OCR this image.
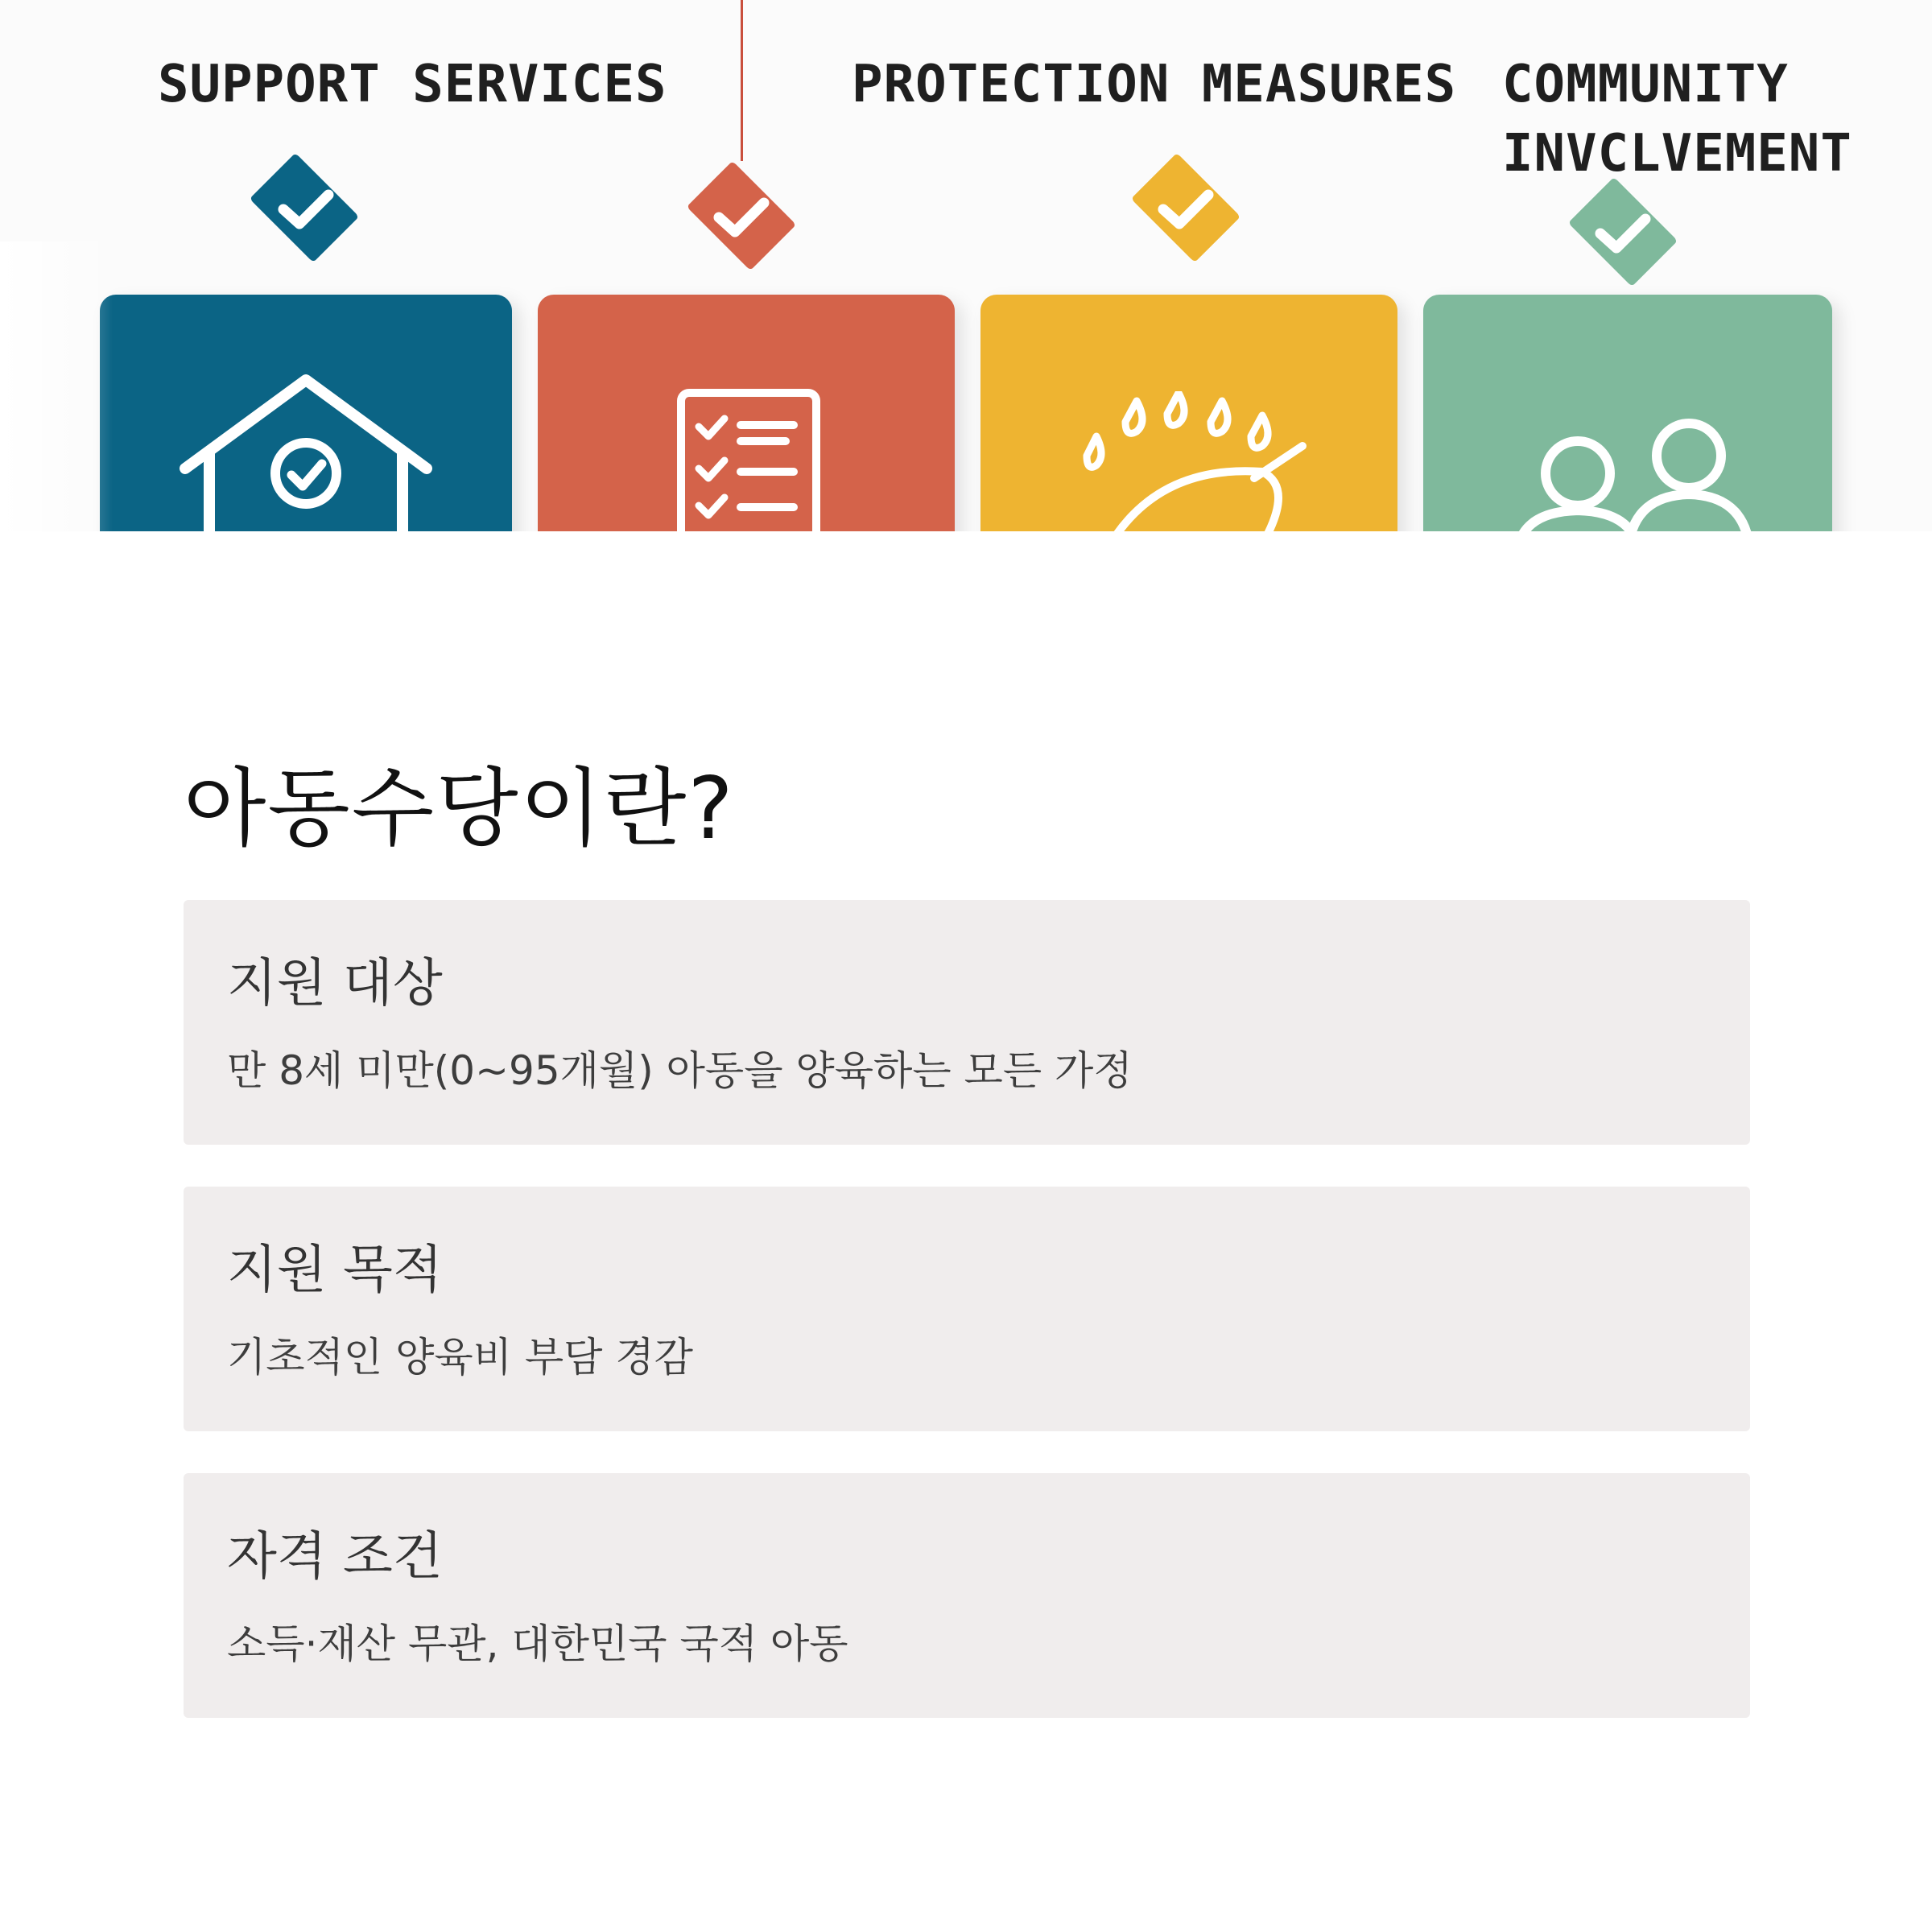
SUPPORT SERVICES	PROTECTION MEASURES COMMUNITY
INVCLVEMENT
아동수당이란?
지원 대상

만 8세 미만(0~95개월) 아동을 양육하는 모든 가정

지원 목적

기초적인 양육비 부담 경감

자격 조건

소득·재산 무관, 대한민국 국적 아동
